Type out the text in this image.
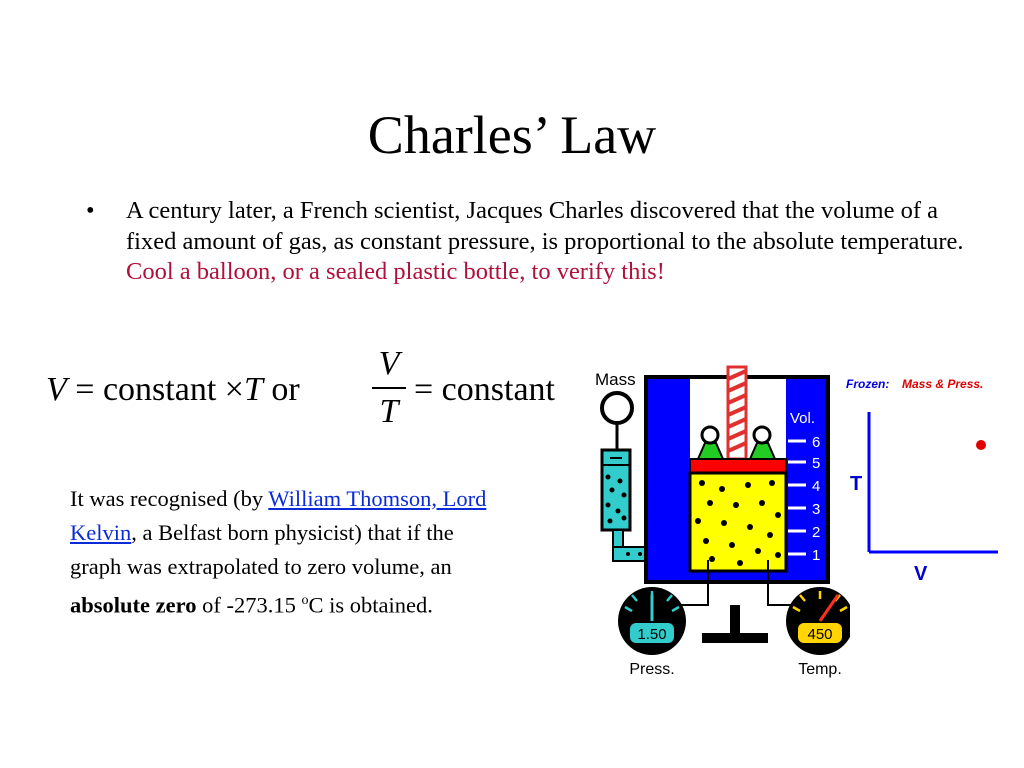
Charles’ Law
• A century later, a French scientist, Jacques Charles discovered that the volume of a fixed amount of gas, as constant pressure, is proportional to the absolute temperature. Cool a balloon, or a sealed plastic bottle, to verify this!
V = constant ×T or
V
T
= constant
It was recognised (by William Thomson, Lord Kelvin, a Belfast born physicist) that if the graph was extrapolated to zero volume, an absolute zero of -273.15 $^o$C is obtained.
Mass
Vol.
6
5
4
3
2
1
1.50
Press.
450
Temp.
Frozen: Mass & Press.
T
V
